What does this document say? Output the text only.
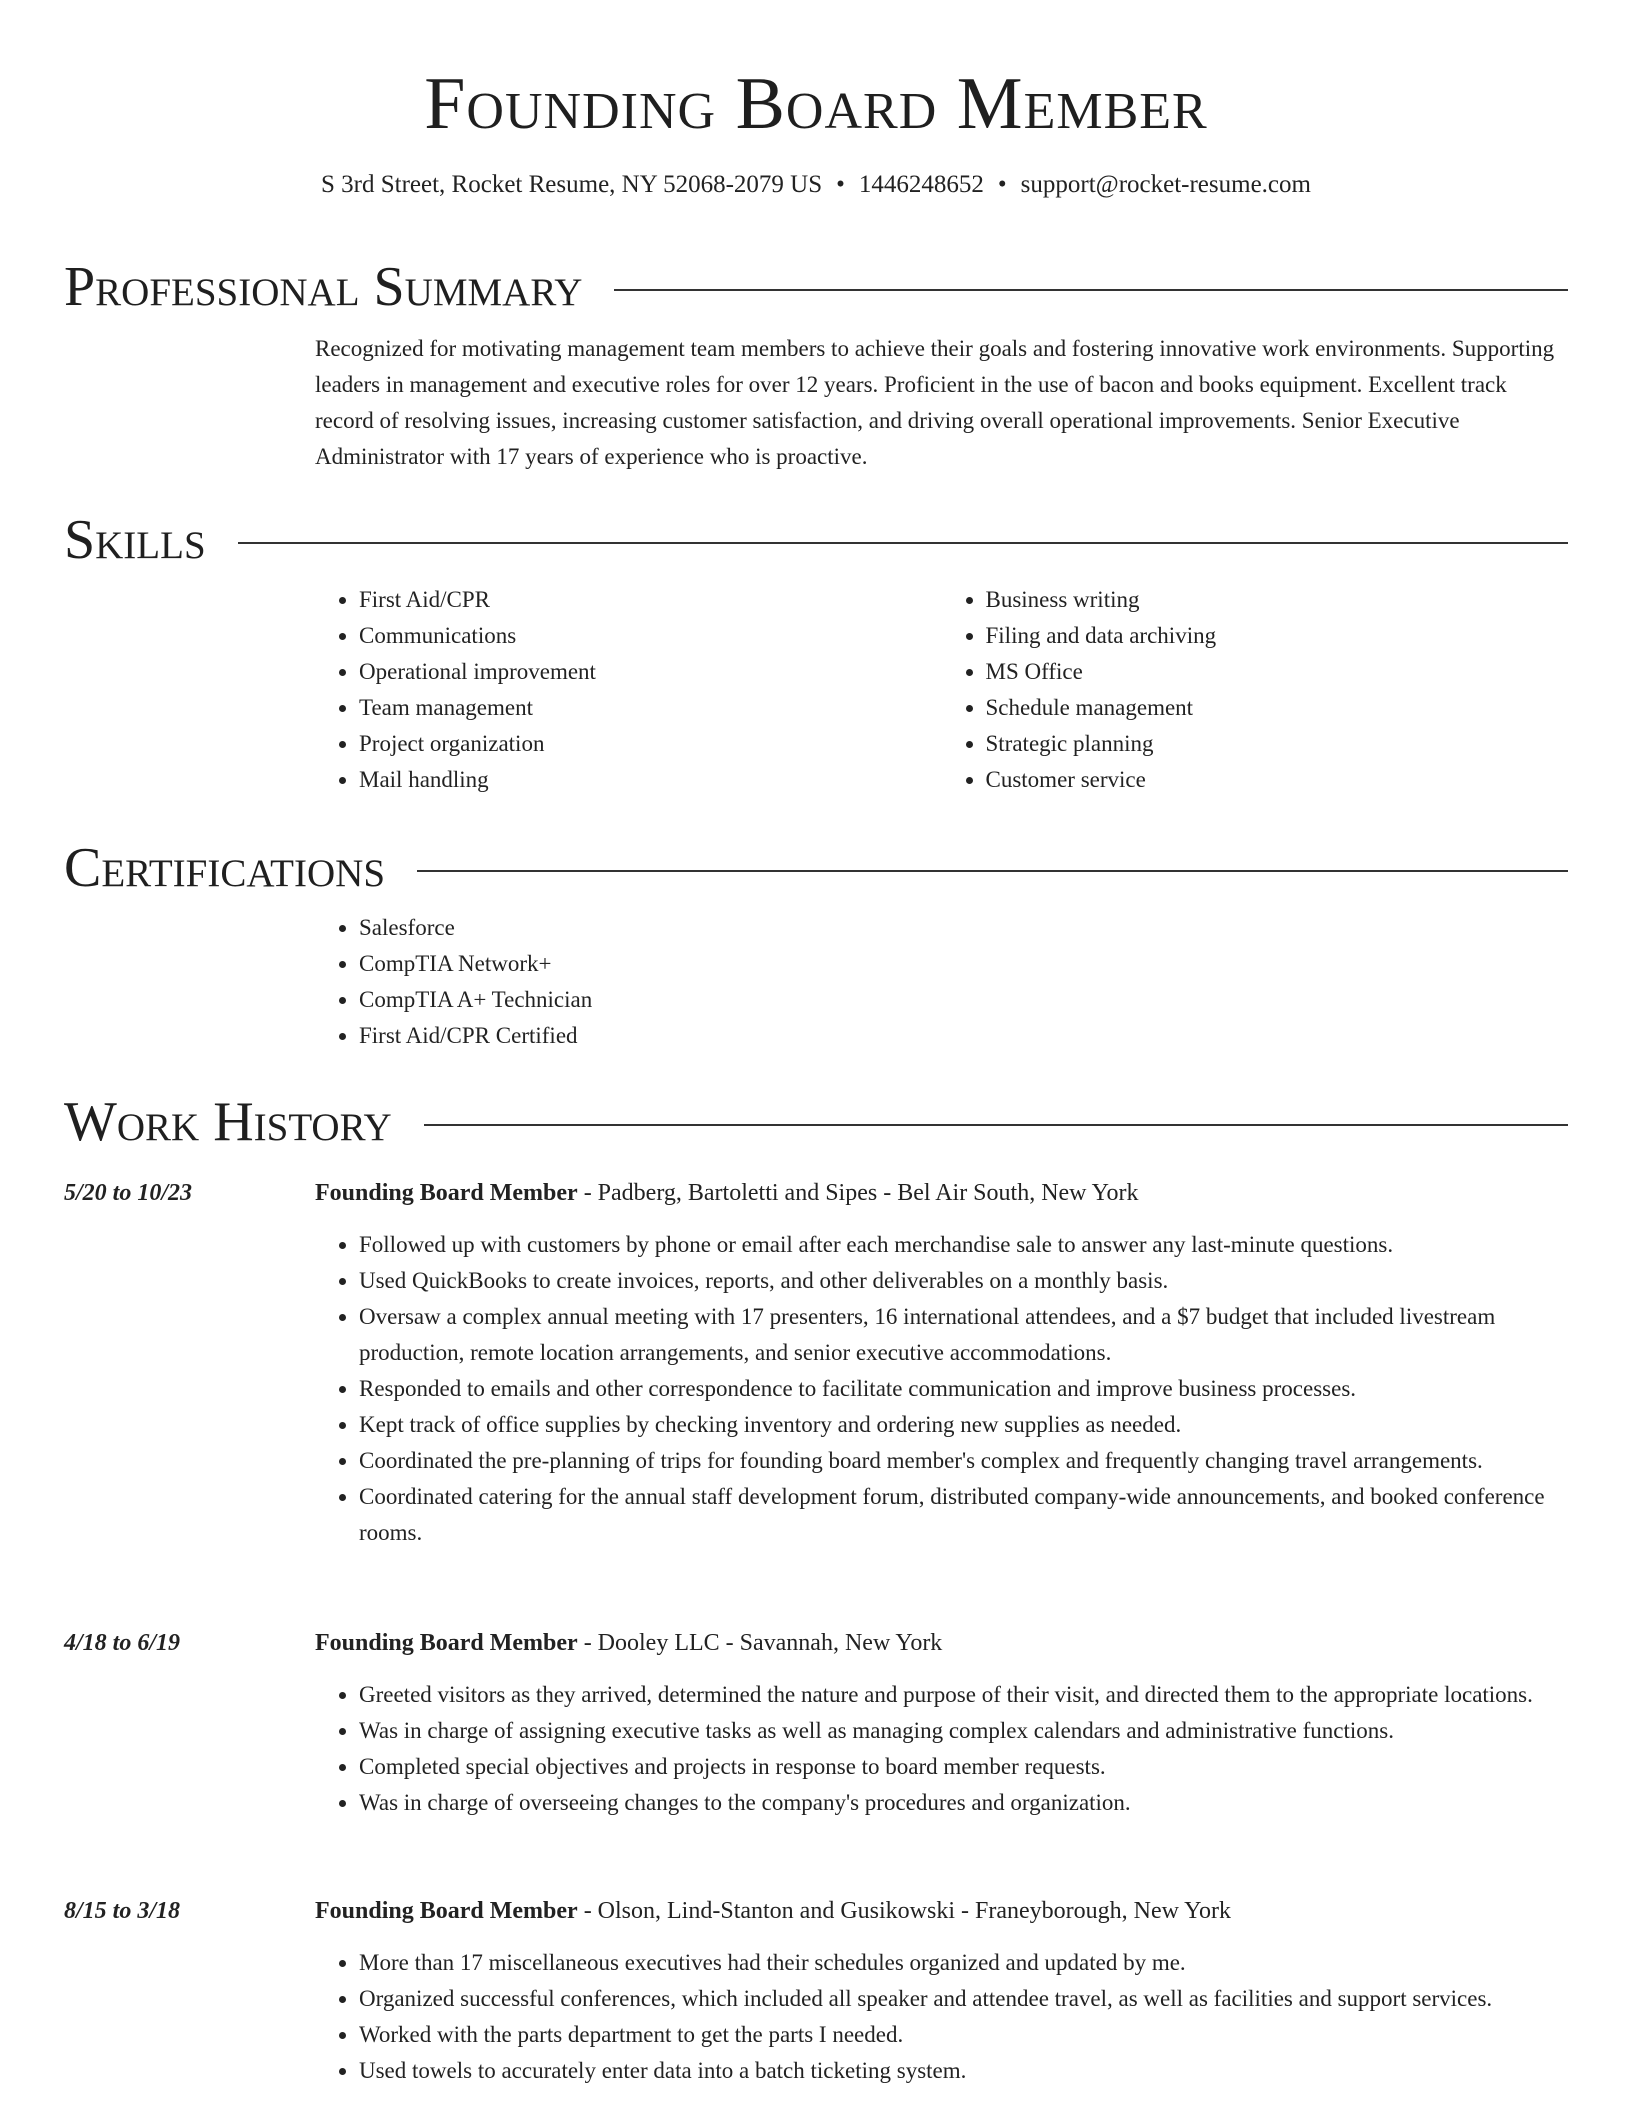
Founding Board Member
S 3rd Street, Rocket Resume, NY 52068-2079 US • 1446248652 • support@rocket-resume.com
Professional Summary

Recognized for motivating management team members to achieve their goals and fostering innovative work environments. Supporting leaders in management and executive roles for over 12 years. Proficient in the use of bacon and books equipment. Excellent track record of resolving issues, increasing customer satisfaction, and driving overall operational improvements. Senior Executive Administrator with 17 years of experience who is proactive.

Skills
• First Aid/CPR
• Communications
• Operational improvement
• Team management
• Project organization
• Mail handling
• Business writing
• Filing and data archiving
• MS Office
• Schedule management
• Strategic planning
• Customer service
Certifications
• Salesforce
• CompTIA Network+
• CompTIA A+ Technician
• First Aid/CPR Certified
Work History
5/20 to 10/23	Founding Board Member - Padberg, Bartoletti and Sipes - Bel Air South, New York
• Followed up with customers by phone or email after each merchandise sale to answer any last-minute questions.
• Used QuickBooks to create invoices, reports, and other deliverables on a monthly basis.
• Oversaw a complex annual meeting with 17 presenters, 16 international attendees, and a $7 budget that included livestream production, remote location arrangements, and senior executive accommodations.
• Responded to emails and other correspondence to facilitate communication and improve business processes.
• Kept track of office supplies by checking inventory and ordering new supplies as needed.
• Coordinated the pre-planning of trips for founding board member's complex and frequently changing travel arrangements.
• Coordinated catering for the annual staff development forum, distributed company-wide announcements, and booked conference rooms.
4/18 to 6/19	Founding Board Member - Dooley LLC - Savannah, New York
• Greeted visitors as they arrived, determined the nature and purpose of their visit, and directed them to the appropriate locations.
• Was in charge of assigning executive tasks as well as managing complex calendars and administrative functions.
• Completed special objectives and projects in response to board member requests.
• Was in charge of overseeing changes to the company's procedures and organization.
8/15 to 3/18	Founding Board Member - Olson, Lind-Stanton and Gusikowski - Franeyborough, New York
• More than 17 miscellaneous executives had their schedules organized and updated by me.
• Organized successful conferences, which included all speaker and attendee travel, as well as facilities and support services.
• Worked with the parts department to get the parts I needed.
• Used towels to accurately enter data into a batch ticketing system.
